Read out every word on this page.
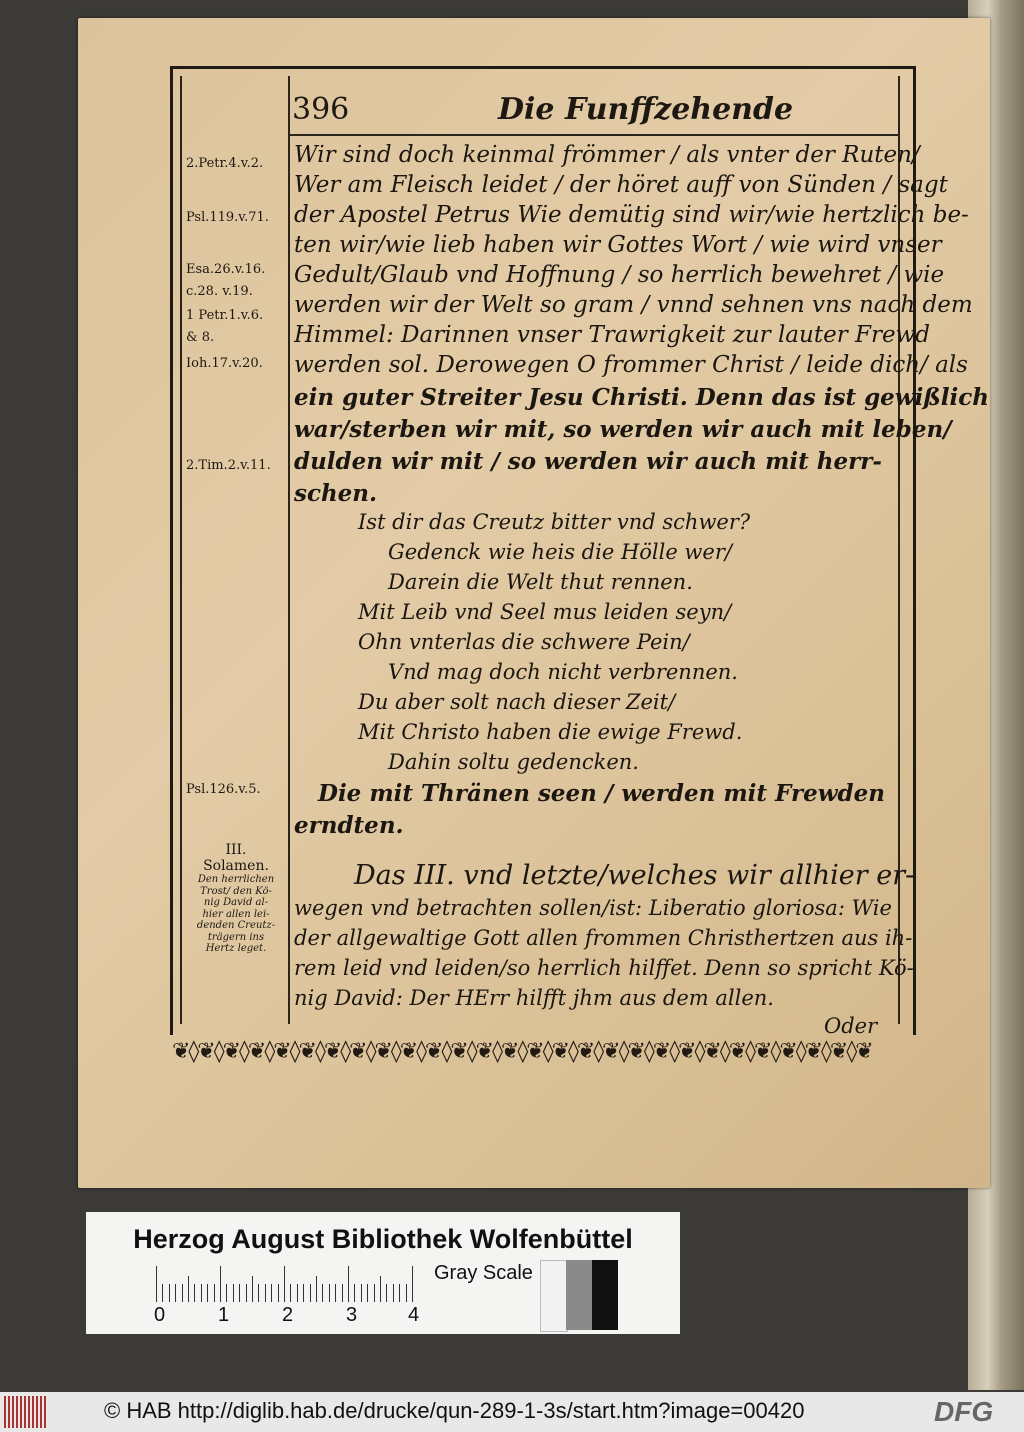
396	Die Funffzehende
2.Petr.4.v.2.
Psl.119.v.71.
Esa.26.v.16.
c.28. v.19.
1 Petr.1.v.6.
& 8.
Ioh.17.v.20.
2.Tim.2.v.11.
Psl.126.v.5.
III.
Solamen.
Den herrlichen
Trost/ den Kö-
nig David al-
hier allen lei-
denden Creutz-
trägern ins
Hertz leget.
Wir sind doch keinmal frömmer / als vnter der Ruten/
Wer am Fleisch leidet / der höret auff von Sünden / sagt
der Apostel Petrus Wie demütig sind wir/wie hertzlich be-
ten wir/wie lieb haben wir Gottes Wort / wie wird vnser
Gedult/Glaub vnd Hoffnung / so herrlich bewehret / wie
werden wir der Welt so gram / vnnd sehnen vns nach dem
Himmel: Darinnen vnser Trawrigkeit zur lauter Frewd
werden sol. Derowegen O frommer Christ / leide dich/ als
ein guter Streiter Jesu Christi. Denn das ist gewißlich
war/sterben wir mit, so werden wir auch mit leben/
dulden wir mit / so werden wir auch mit herr-
schen.
Ist dir das Creutz bitter vnd schwer?
Gedenck wie heis die Hölle wer/
Darein die Welt thut rennen.
Mit Leib vnd Seel mus leiden seyn/
Ohn vnterlas die schwere Pein/
Vnd mag doch nicht verbrennen.
Du aber solt nach dieser Zeit/
Mit Christo haben die ewige Frewd.
Dahin soltu gedencken.
Die mit Thränen seen / werden mit Frewden
erndten.
Das III. vnd letzte/welches wir allhier er-
wegen vnd betrachten sollen/ist: Liberatio gloriosa: Wie
der allgewaltige Gott allen frommen Christhertzen aus ih-
rem leid vnd leiden/so herrlich hilffet. Denn so spricht Kö-
nig David: Der HErr hilfft jhm aus dem allen.
Oder
❦◊❦◊❦◊❦◊❦◊❦◊❦◊❦◊❦◊❦◊❦◊❦◊❦◊❦◊❦◊❦◊❦◊❦◊❦◊❦◊❦◊❦◊❦◊❦◊❦◊❦◊❦◊❦
Herzog August Bibliothek Wolfenbüttel
0	1	2	3	4
Gray Scale
© HAB http://diglib.hab.de/drucke/qun-289-1-3s/start.htm?image=00420	DFG
